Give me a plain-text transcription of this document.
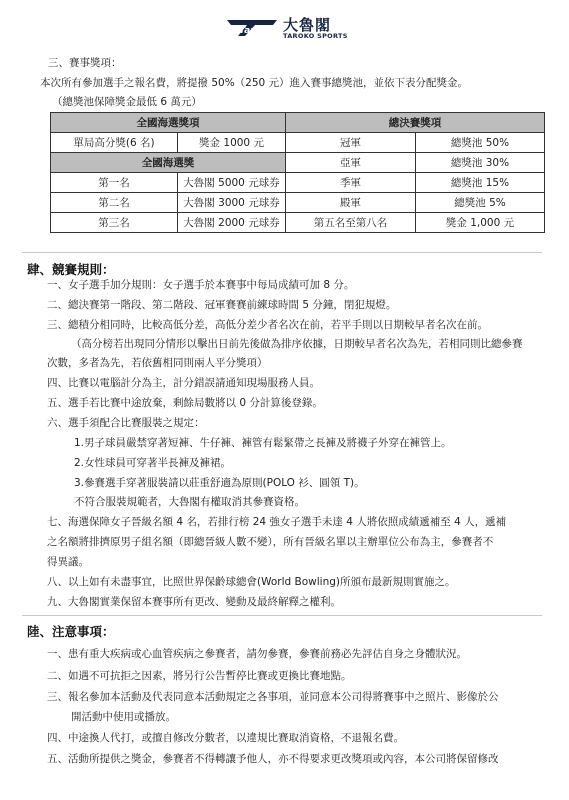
Taroko 大魯閣
TAROKO SPORTS
三、賽事獎項：
本次所有參加選手之報名費，將提撥 50%（250 元）進入賽事總獎池，並依下表分配獎金。
（總獎池保障獎金最低 6 萬元）
全國海選獎項		總決賽獎項	
單局高分獎(6 名)	獎金 1000 元	冠軍	總獎池 50%
全國海選獎		亞軍	總獎池 30%
第一名	大魯閣 5000 元球券	季軍	總獎池 15%
第二名	大魯閣 3000 元球券	殿軍	總獎池 5%
第三名	大魯閣 2000 元球券	第五名至第八名	獎金 1,000 元
肆、競賽規則：
一、女子選手加分規則：女子選手於本賽事中每局成績可加 8 分。
二、總決賽第一階段、第二階段、冠軍賽賽前練球時間 5 分鐘，閉犯規燈。
三、總積分相同時，比較高低分差，高低分差少者名次在前，若平手則以日期較早者名次在前。
（高分榜若出現同分情形以擊出日前先後做為排序依據，日期較早者名次為先，若相同則比總參賽
次數，多者為先，若依舊相同則兩人平分獎項）
四、比賽以電腦計分為主，計分錯誤請通知現場服務人員。
五、選手若比賽中途放棄，剩餘局數將以 0 分計算後登錄。
六、選手須配合比賽服裝之規定：
1.男子球員嚴禁穿著短褲、牛仔褲、褲管有鬆緊帶之長褲及將襪子外穿在褲管上。
2.女性球員可穿著半長褲及褲裙。
3.參賽選手穿著服裝請以莊重舒適為原則(POLO 衫、圓領 T)。
不符合服裝規範者，大魯閣有權取消其參賽資格。
七、海選保障女子晉級名額 4 名，若排行榜 24 強女子選手未達 4 人將依照成績遞補至 4 人，遞補
之名額將排擠原男子組名額（即總晉級人數不變），所有晉級名單以主辦單位公布為主，參賽者不
得異議。
八、以上如有未盡事宜，比照世界保齡球總會(World Bowling)所頒布最新規則實施之。
九、大魯閣實業保留本賽事所有更改、變動及最終解釋之權利。
陸、注意事項：
一、患有重大疾病或心血管疾病之參賽者，請勿參賽，參賽前務必先評估自身之身體狀況。
二、如遇不可抗拒之因素，將另行公告暫停比賽或更換比賽地點。
三、報名參加本活動及代表同意本活動規定之各事項，並同意本公司得將賽事中之照片、影像於公
開活動中使用或播放。
四、中途換人代打，或擅自修改分數者，以違規比賽取消資格，不退報名費。
五、活動所提供之獎金，參賽者不得轉讓予他人，亦不得要求更改獎項或內容，本公司將保留修改
